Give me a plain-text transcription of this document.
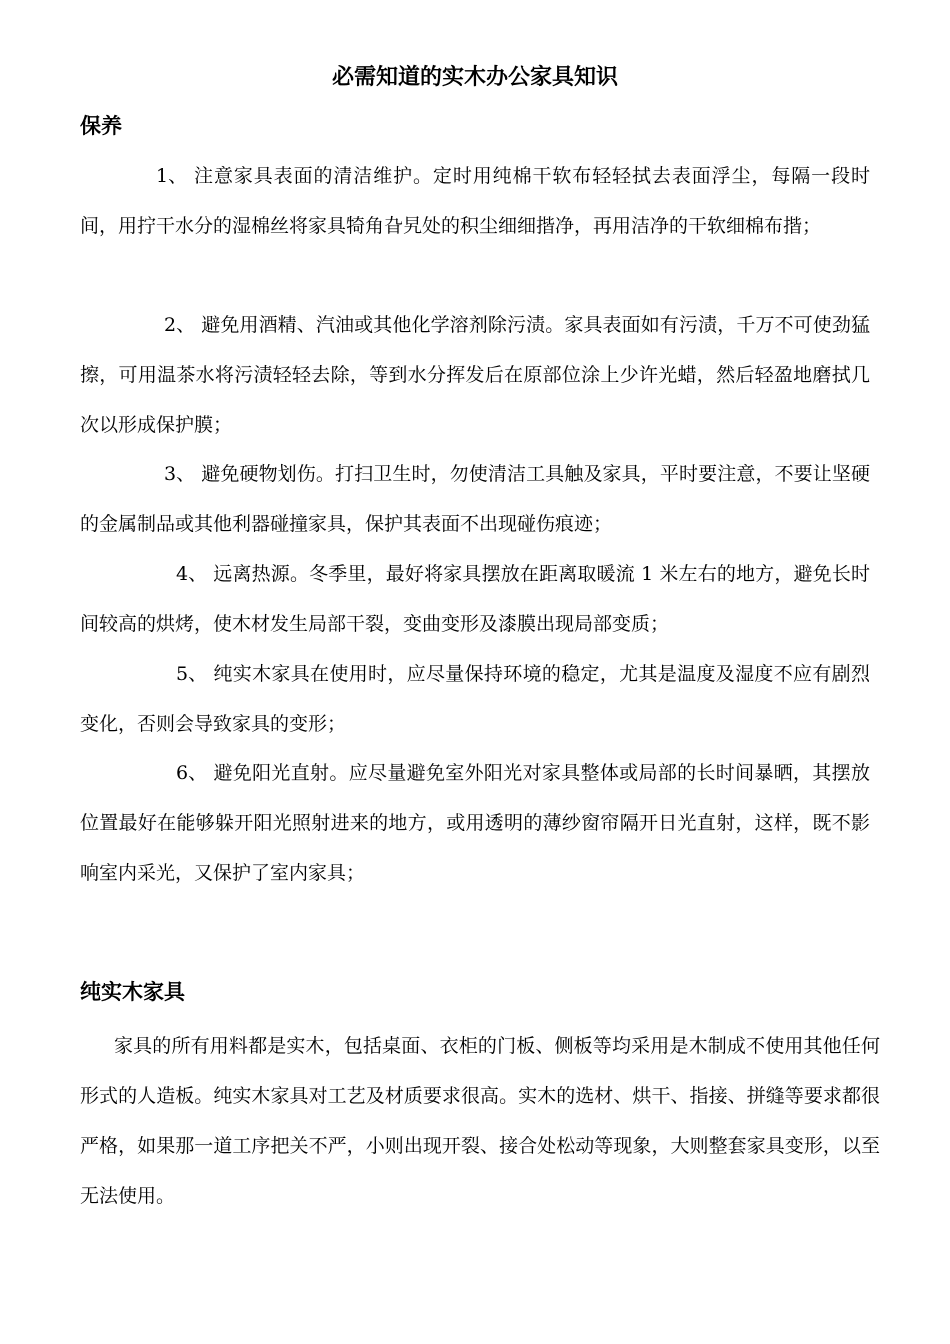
必需知道的实木办公家具知识
保养

1、 注意家具表面的清洁维护。定时用纯棉干软布轻轻拭去表面浮尘，每隔一段时间，用拧干水分的湿棉丝将家具犄角旮旯处的积尘细细揩净，再用洁净的干软细棉布揩；

2、 避免用酒精、汽油或其他化学溶剂除污渍。家具表面如有污渍，千万不可使劲猛擦，可用温茶水将污渍轻轻去除，等到水分挥发后在原部位涂上少许光蜡，然后轻盈地磨拭几次以形成保护膜；

3、 避免硬物划伤。打扫卫生时，勿使清洁工具触及家具，平时要注意，不要让坚硬的金属制品或其他利器碰撞家具，保护其表面不出现碰伤痕迹；

4、 远离热源。冬季里，最好将家具摆放在距离取暖流 1 米左右的地方，避免长时间较高的烘烤，使木材发生局部干裂，变曲变形及漆膜出现局部变质；

5、 纯实木家具在使用时，应尽量保持环境的稳定，尤其是温度及湿度不应有剧烈变化，否则会导致家具的变形；

6、 避免阳光直射。应尽量避免室外阳光对家具整体或局部的长时间暴晒，其摆放位置最好在能够躲开阳光照射进来的地方，或用透明的薄纱窗帘隔开日光直射，这样，既不影响室内采光，又保护了室内家具；

纯实木家具

家具的所有用料都是实木，包括桌面、衣柜的门板、侧板等均采用是木制成不使用其他任何形式的人造板。纯实木家具对工艺及材质要求很高。实木的选材、烘干、指接、拼缝等要求都很严格，如果那一道工序把关不严，小则出现开裂、接合处松动等现象，大则整套家具变形，以至无法使用。
